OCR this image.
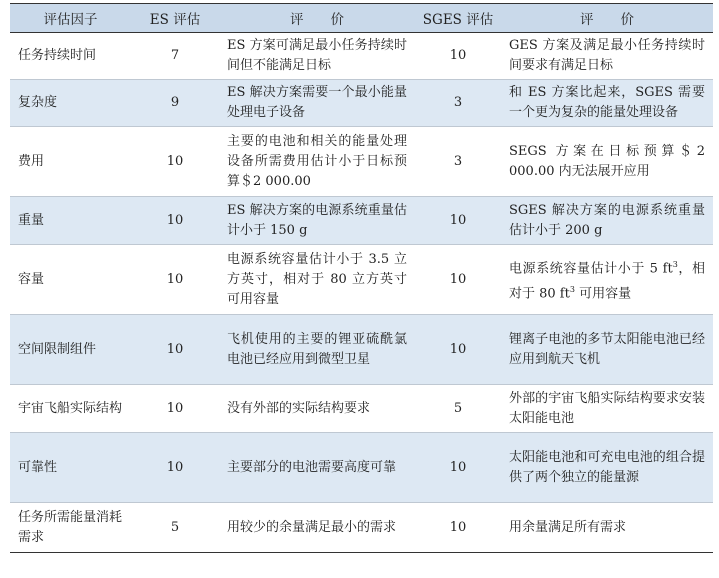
评估因子	ES 评估	评　　价	SGES 评估	评　　价
任务持续时间	7	ES 方案可满足最小任务持续时间但不能满足日标	10	GES 方案及满足最小任务持续时间要求有满足日标
复杂度	9	ES 解决方案需要一个最小能量处理电子设备	3	和 ES 方案比起来，SGES 需要一个更为复杂的能量处理设备
费用	10	主要的电池和相关的能量处理设备所需费用估计小于日标预算＄2 000.00	3	SEGS 方案在日标预算＄2 000.00 内无法展开应用
重量	10	ES 解决方案的电源系统重量估计小于 150 g	10	SGES 解决方案的电源系统重量估计小于 200 g
容量	10	电源系统容量估计小于 3.5 立方英寸，相对于 80 立方英寸可用容量	10	电源系统容量估计小于 5 $ft^3$，相对于 80 $ft^3$ 可用容量
空间限制组件	10	飞机使用的主要的锂亚硫酰氯电池已经应用到微型卫星	10	锂离子电池的多节太阳能电池已经应用到航天飞机
宇宙飞船实际结构	10	没有外部的实际结构要求	5	外部的宇宙飞船实际结构要求安装太阳能电池
可靠性	10	主要部分的电池需要高度可靠	10	太阳能电池和可充电电池的组合提供了两个独立的能量源
任务所需能量消耗需求	5	用较少的余量满足最小的需求	10	用余量满足所有需求
